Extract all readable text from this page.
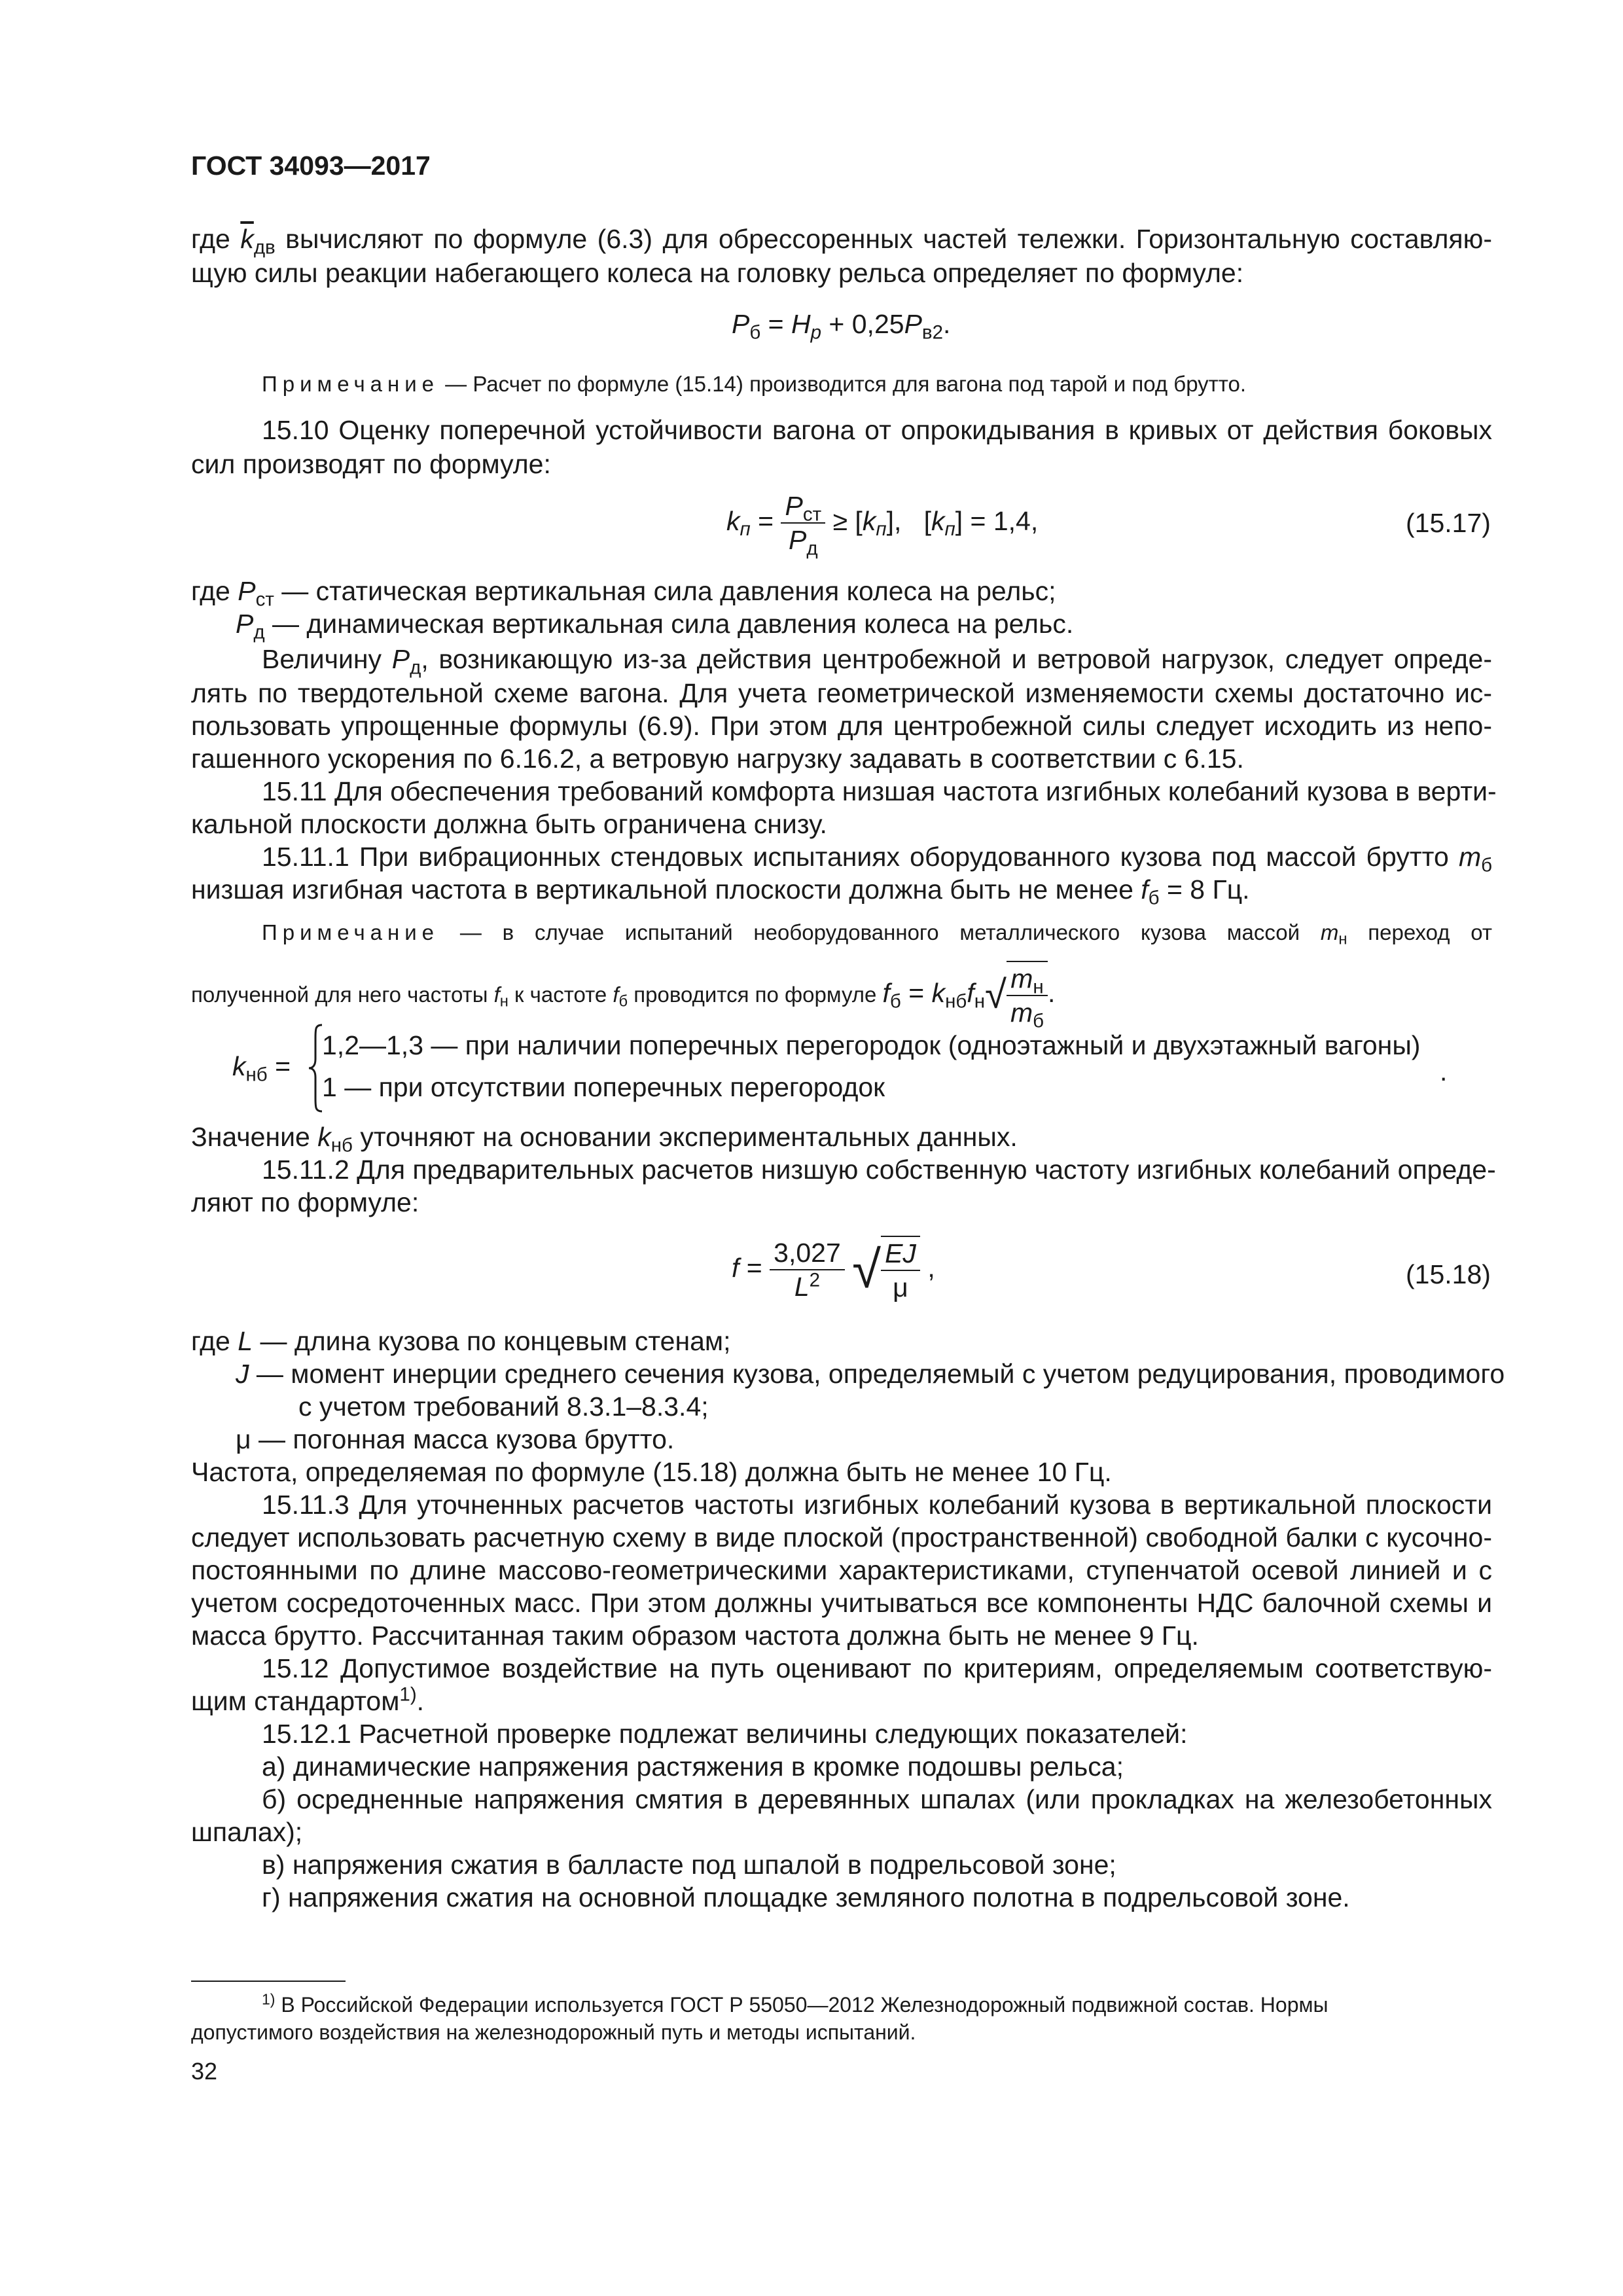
ГОСТ 34093—2017
где $\overline{k}_{дв}$ вычисляют по формуле (6.3) для обрессоренных частей тележки. Горизонтальную составляю-
щую силы реакции набегающего колеса на головку рельса определяет по формуле:
$P_б = H_p + 0,25P_{в2}$.
Примечание — Расчет по формуле (15.14) производится для вагона под тарой и под брутто.
15.10 Оценку поперечной устойчивости вагона от опрокидывания в кривых от действия боковых
сил производят по формуле:
$k_п = \frac{P_{ст}}{P_д} \ge [k_п]$, $[k_п] = 1,4$,	(15.17)
где $P_{ст}$ — статическая вертикальная сила давления колеса на рельс;
$P_д$ — динамическая вертикальная сила давления колеса на рельс.
Величину $P_д$, возникающую из-за действия центробежной и ветровой нагрузок, следует опреде-
лять по твердотельной схеме вагона. Для учета геометрической изменяемости схемы достаточно ис-
пользовать упрощенные формулы (6.9). При этом для центробежной силы следует исходить из непо-
гашенного ускорения по 6.16.2, а ветровую нагрузку задавать в соответствии с 6.15.
15.11 Для обеспечения требований комфорта низшая частота изгибных колебаний кузова в верти-
кальной плоскости должна быть ограничена снизу.
15.11.1 При вибрационных стендовых испытаниях оборудованного кузова под массой брутто $m_б$
низшая изгибная частота в вертикальной плоскости должна быть не менее $f_б = 8$ Гц.
Примечание — в случае испытаний необорудованного металлического кузова массой $m_н$ переход от
полученной для него частоты $f_н$ к частоте $f_б$ проводится по формуле $f_б = k_{нб}f_н√ \frac{m_н}{m_б}$ .
$k_{нб}$ =
1,2—1,3 — при наличии поперечных перегородок (одноэтажный и двухэтажный вагоны)
1 — при отсутствии поперечных перегородок
.
Значение $k_{нб}$ уточняют на основании экспериментальных данных.
15.11.2 Для предварительных расчетов низшую собственную частоту изгибных колебаний опреде-
ляют по формуле:
$f = \frac{3,027}{L^2}$ √ $\frac{EJ}{\mu}$ ,	(15.18)
где L — длина кузова по концевым стенам;
J — момент инерции среднего сечения кузова, определяемый с учетом редуцирования, проводимого
с учетом требований 8.3.1–8.3.4;
μ — погонная масса кузова брутто.
Частота, определяемая по формуле (15.18) должна быть не менее 10 Гц.
15.11.3 Для уточненных расчетов частоты изгибных колебаний кузова в вертикальной плоскости
следует использовать расчетную схему в виде плоской (пространственной) свободной балки с кусочно-
постоянными по длине массово-геометрическими характеристиками, ступенчатой осевой линией и с
учетом сосредоточенных масс. При этом должны учитываться все компоненты НДС балочной схемы и
масса брутто. Рассчитанная таким образом частота должна быть не менее 9 Гц.
15.12 Допустимое воздействие на путь оценивают по критериям, определяемым соответствую-
щим стандартом$^{1)}$.
15.12.1 Расчетной проверке подлежат величины следующих показателей:
а) динамические напряжения растяжения в кромке подошвы рельса;
б) осредненные напряжения смятия в деревянных шпалах (или прокладках на железобетонных
шпалах);
в) напряжения сжатия в балласте под шпалой в подрельсовой зоне;
г) напряжения сжатия на основной площадке земляного полотна в подрельсовой зоне.
$^{1)}$ В Российской Федерации используется ГОСТ Р 55050—2012 Железнодорожный подвижной состав. Нормы
допустимого воздействия на железнодорожный путь и методы испытаний.
32
